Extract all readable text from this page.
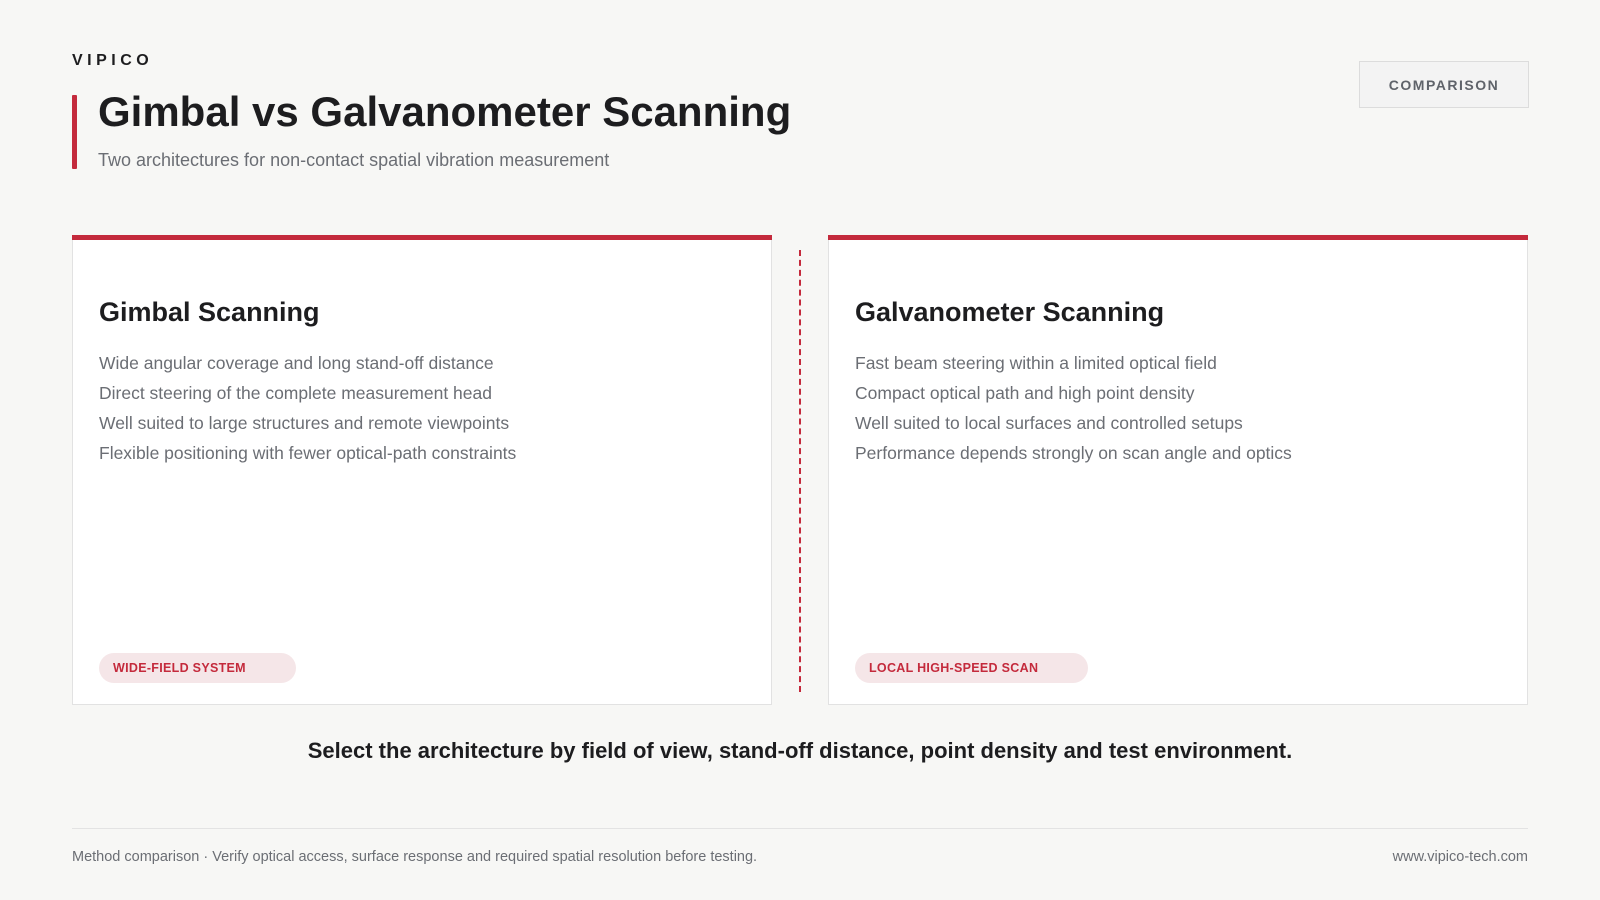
VIPICO
Gimbal vs Galvanometer Scanning
Two architectures for non-contact spatial vibration measurement
COMPARISON
Gimbal Scanning
Wide angular coverage and long stand-off distance
Direct steering of the complete measurement head
Well suited to large structures and remote viewpoints
Flexible positioning with fewer optical-path constraints
WIDE-FIELD SYSTEM
Galvanometer Scanning
Fast beam steering within a limited optical field
Compact optical path and high point density
Well suited to local surfaces and controlled setups
Performance depends strongly on scan angle and optics
LOCAL HIGH-SPEED SCAN
Select the architecture by field of view, stand-off distance, point density and test environment.
Method comparison · Verify optical access, surface response and required spatial resolution before testing.	www.vipico-tech.com
